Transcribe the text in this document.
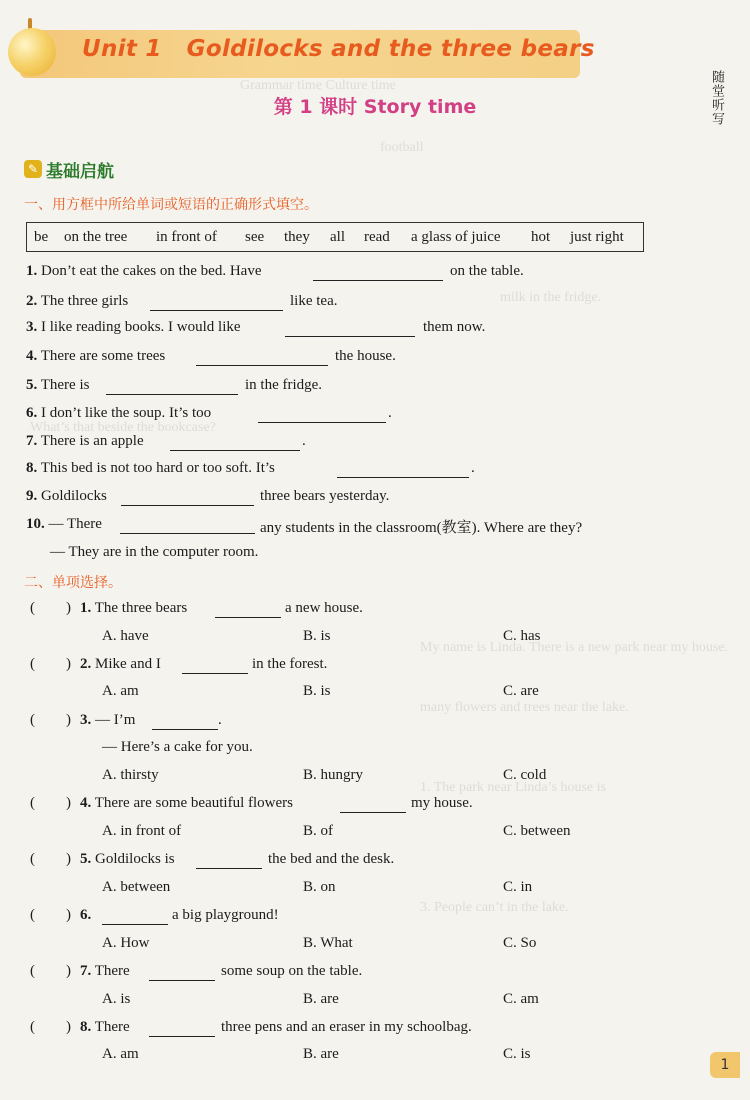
Grammar time Culture time
football
milk in the fridge.
What’s that beside the bookcase?
My name is Linda. There is a new park near my house.
many flowers and trees near the lake.
1. The park near Linda’s house is
3. People can’t in the lake.
Unit 1   Goldilocks and the three bears
第 1 课时 Story time	随堂听写
✎ 基础启航
一、用方框中所给单词或短语的正确形式填空。
be on the tree in front of see they all read a glass of juice hot just right
1. Don’t eat the cakes on the bed. Have	on the table.
2. The three girls	like tea.
3. I like reading books. I would like	them now.
4. There are some trees	the house.
5. There is	in the fridge.
6. I don’t like the soup. It’s too	.
7. There is an apple	.
8. This bed is not too hard or too soft. It’s	.
9. Goldilocks	three bears yesterday.
10. — There	any students in the classroom(教室). Where are they?
— They are in the computer room.
二、单项选择。
( ) 1. The three bears	a new house.
A. have	B. is	C. has
( ) 2. Mike and I	in the forest.
A. am	B. is	C. are
( ) 3. — I’m	.
— Here’s a cake for you.
A. thirsty	B. hungry	C. cold
( ) 4. There are some beautiful flowers	my house.
A. in front of	B. of	C. between
( ) 5. Goldilocks is	the bed and the desk.
A. between	B. on	C. in
( ) 6.	a big playground!
A. How	B. What	C. So
( ) 7. There	some soup on the table.
A. is	B. are	C. am
( ) 8. There	three pens and an eraser in my schoolbag.
A. am	B. are	C. is
1
